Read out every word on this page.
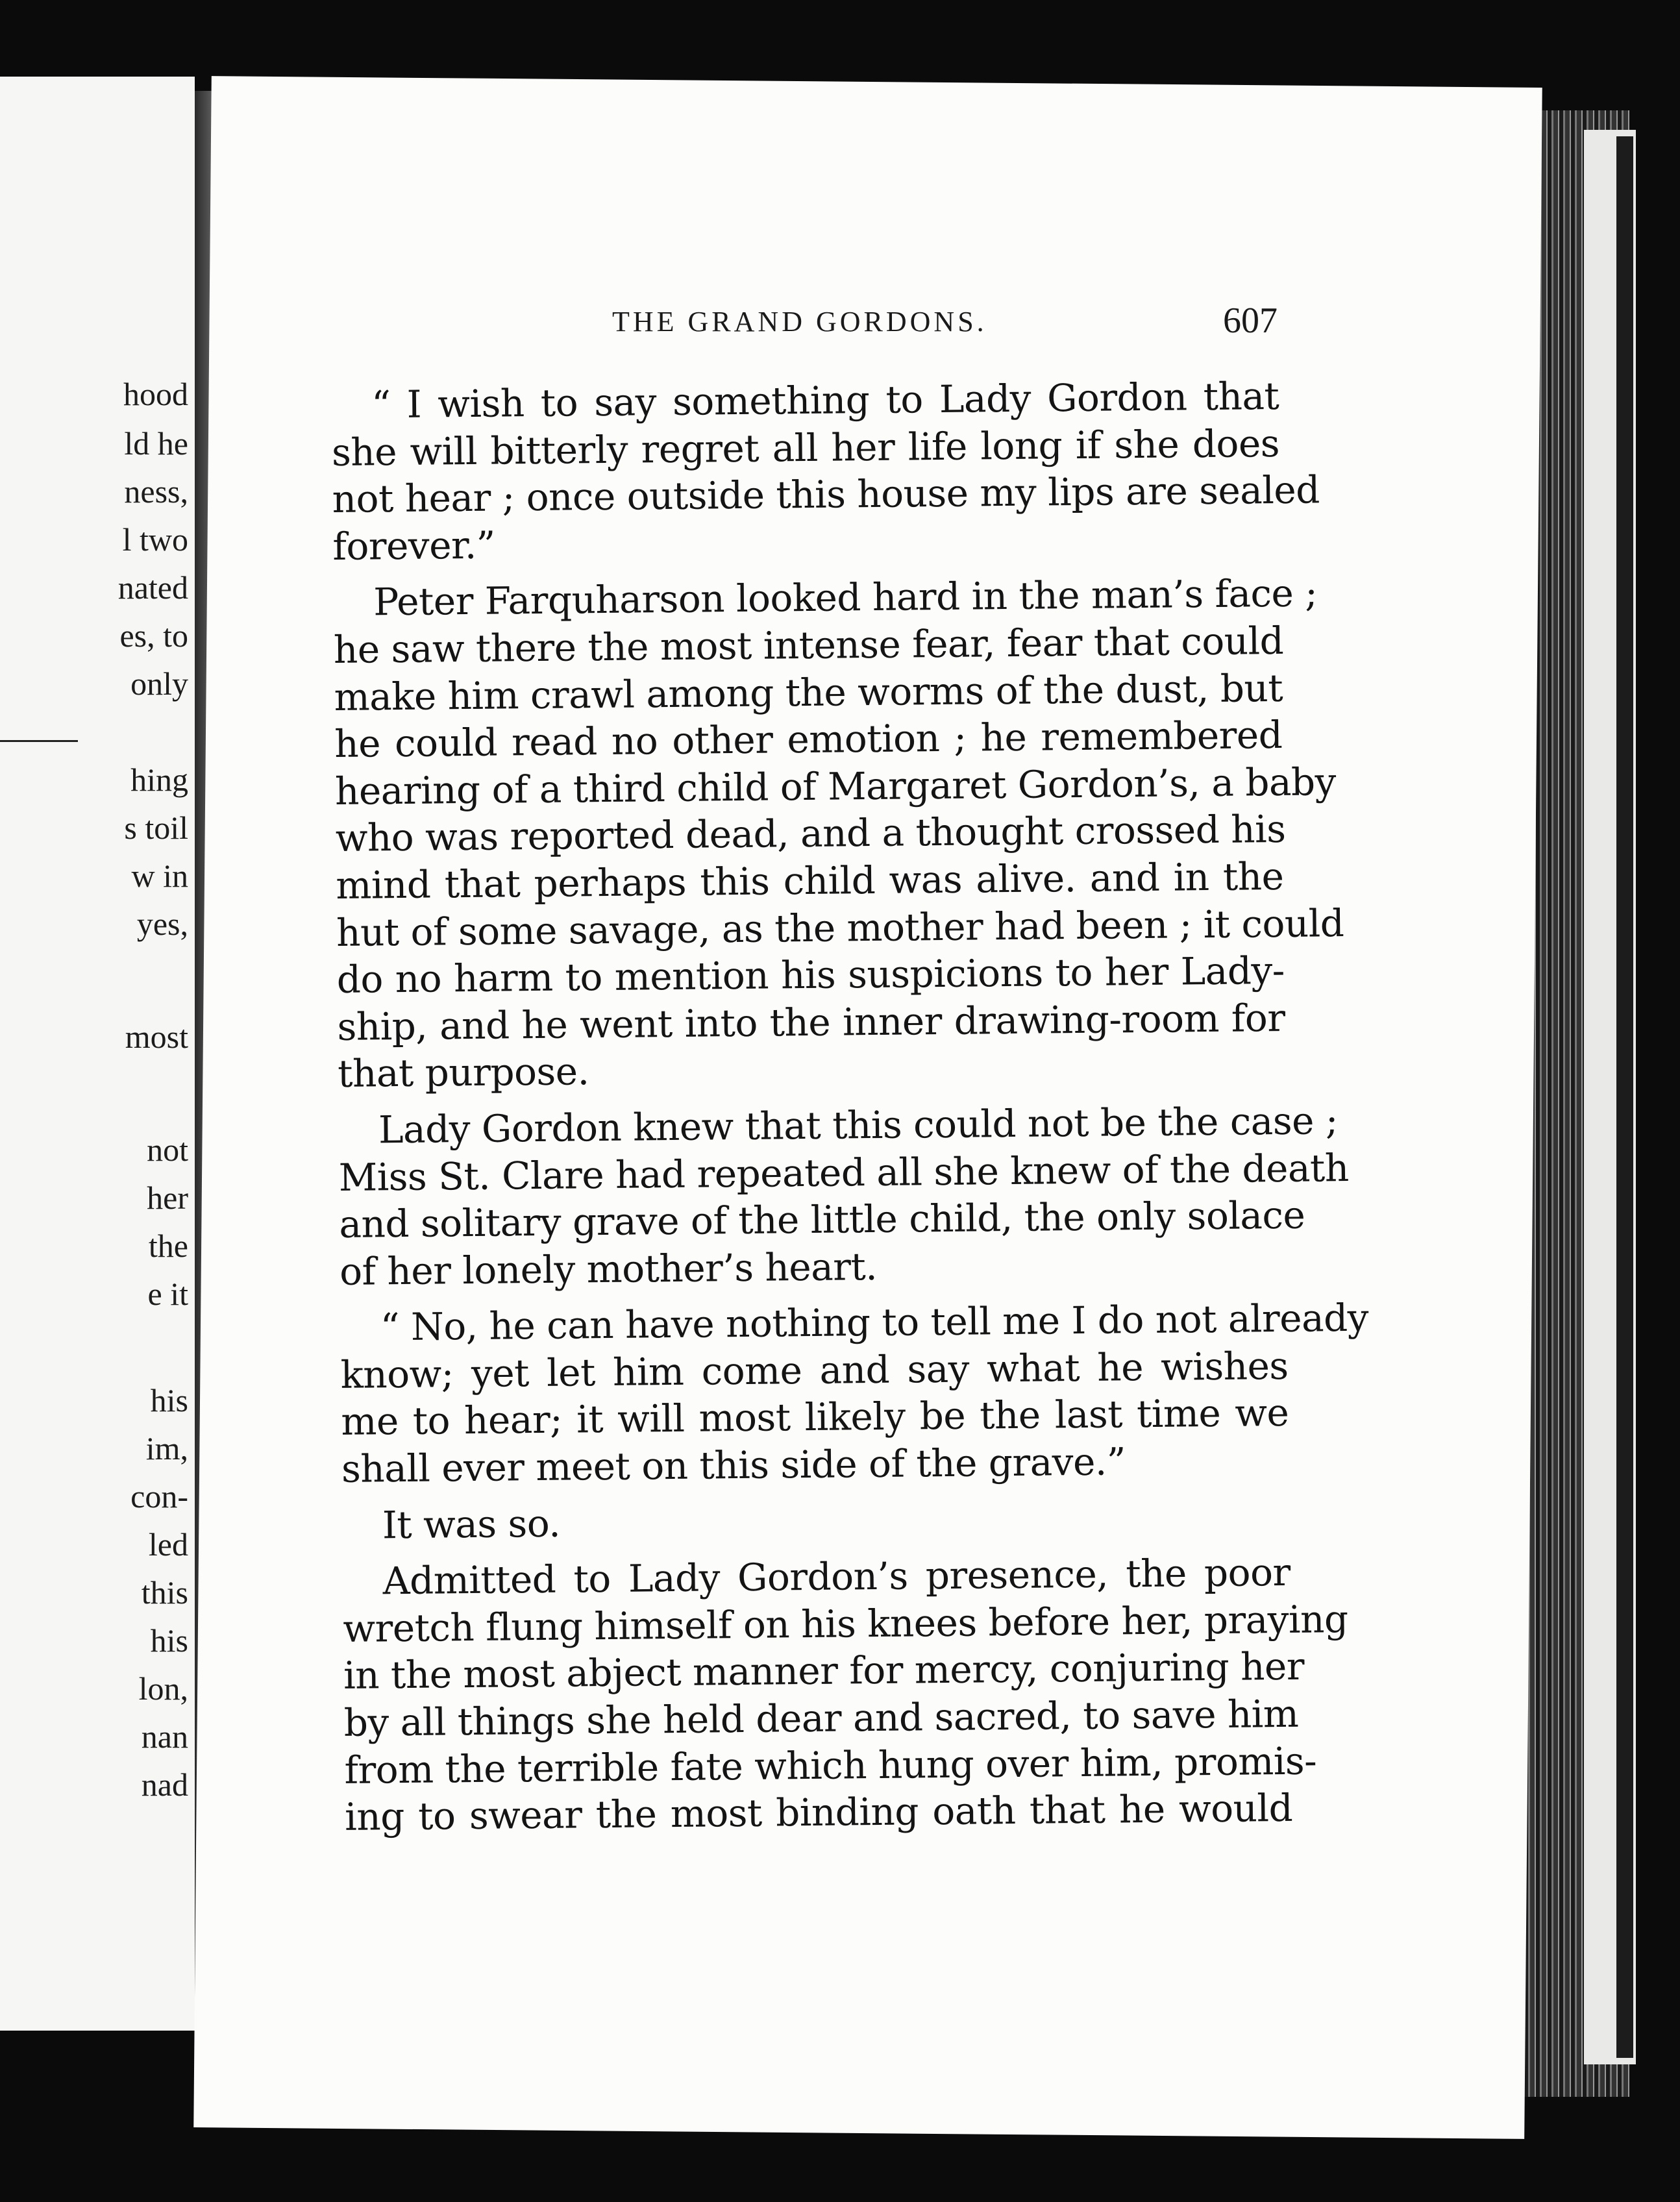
hood
ld he
ness,
l two
nated
es, to
only
hing
s toil
w in
yes,
most
not
her
the
e it
his
im,
con-
led
this
his
lon,
nan
nad
THE GRAND GORDONS.	607
“ I wish to say something to Lady Gordon that
she will bitterly regret all her life long if she does
not hear ; once outside this house my lips are sealed
forever.”
Peter Farquharson looked hard in the man’s face ;
he saw there the most intense fear, fear that could
make him crawl among the worms of the dust, but
he could read no other emotion ; he remembered
hearing of a third child of Margaret Gordon’s, a baby
who was reported dead, and a thought crossed his
mind that perhaps this child was alive. and in the
hut of some savage, as the mother had been ; it could
do no harm to mention his suspicions to her Lady-
ship, and he went into the inner drawing-room for
that purpose.
Lady Gordon knew that this could not be the case ;
Miss St. Clare had repeated all she knew of the death
and solitary grave of the little child, the only solace
of her lonely mother’s heart.
“ No, he can have nothing to tell me I do not already
know; yet let him come and say what he wishes
me to hear; it will most likely be the last time we
shall ever meet on this side of the grave.”
It was so.
Admitted to Lady Gordon’s presence, the poor
wretch flung himself on his knees before her, praying
in the most abject manner for mercy, conjuring her
by all things she held dear and sacred, to save him
from the terrible fate which hung over him, promis-
ing to swear the most binding oath that he would
